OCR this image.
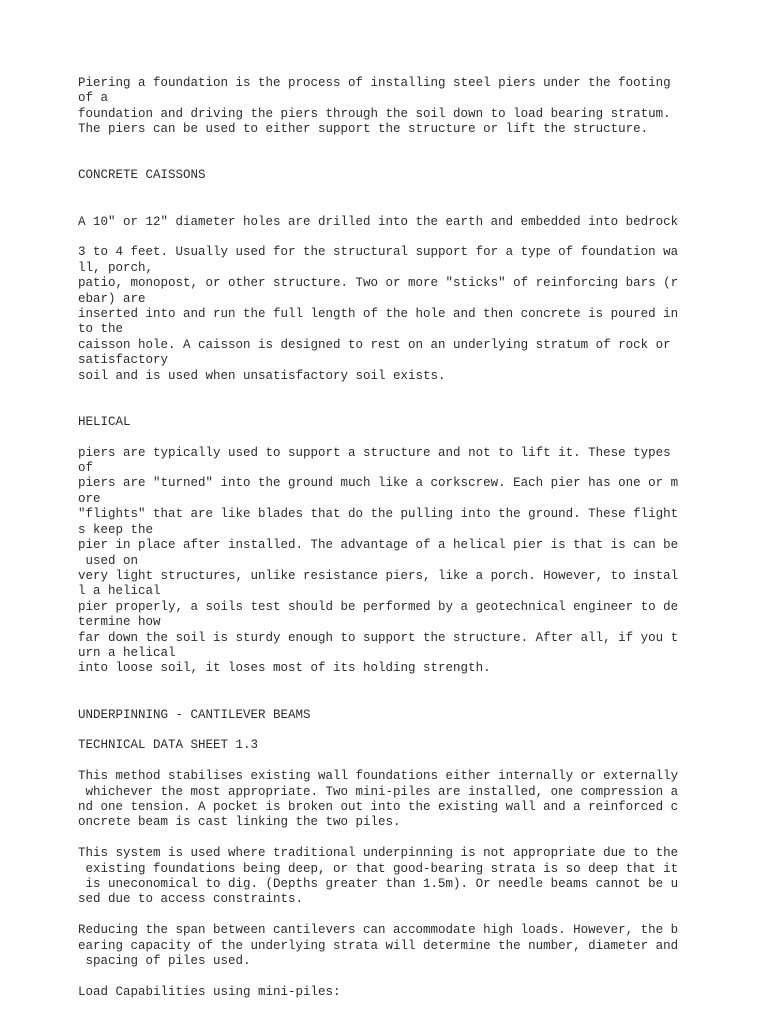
Piering a foundation is the process of installing steel piers under the footing
of a
foundation and driving the piers through the soil down to load bearing stratum.
The piers can be used to either support the structure or lift the structure.
CONCRETE CAISSONS
A 10" or 12" diameter holes are drilled into the earth and embedded into bedrock
3 to 4 feet. Usually used for the structural support for a type of foundation wa
ll, porch,
patio, monopost, or other structure. Two or more "sticks" of reinforcing bars (r
ebar) are
inserted into and run the full length of the hole and then concrete is poured in
to the
caisson hole. A caisson is designed to rest on an underlying stratum of rock or
satisfactory
soil and is used when unsatisfactory soil exists.
HELICAL
piers are typically used to support a structure and not to lift it. These types
of
piers are "turned" into the ground much like a corkscrew. Each pier has one or m
ore
"flights" that are like blades that do the pulling into the ground. These flight
s keep the
pier in place after installed. The advantage of a helical pier is that is can be
used on
very light structures, unlike resistance piers, like a porch. However, to instal
l a helical
pier properly, a soils test should be performed by a geotechnical engineer to de
termine how
far down the soil is sturdy enough to support the structure. After all, if you t
urn a helical
into loose soil, it loses most of its holding strength.
UNDERPINNING - CANTILEVER BEAMS
TECHNICAL DATA SHEET 1.3
This method stabilises existing wall foundations either internally or externally
whichever the most appropriate. Two mini-piles are installed, one compression a
nd one tension. A pocket is broken out into the existing wall and a reinforced c
oncrete beam is cast linking the two piles.
This system is used where traditional underpinning is not appropriate due to the
existing foundations being deep, or that good-bearing strata is so deep that it
is uneconomical to dig. (Depths greater than 1.5m). Or needle beams cannot be u
sed due to access constraints.
Reducing the span between cantilevers can accommodate high loads. However, the b
earing capacity of the underlying strata will determine the number, diameter and
spacing of piles used.
Load Capabilities using mini-piles:
